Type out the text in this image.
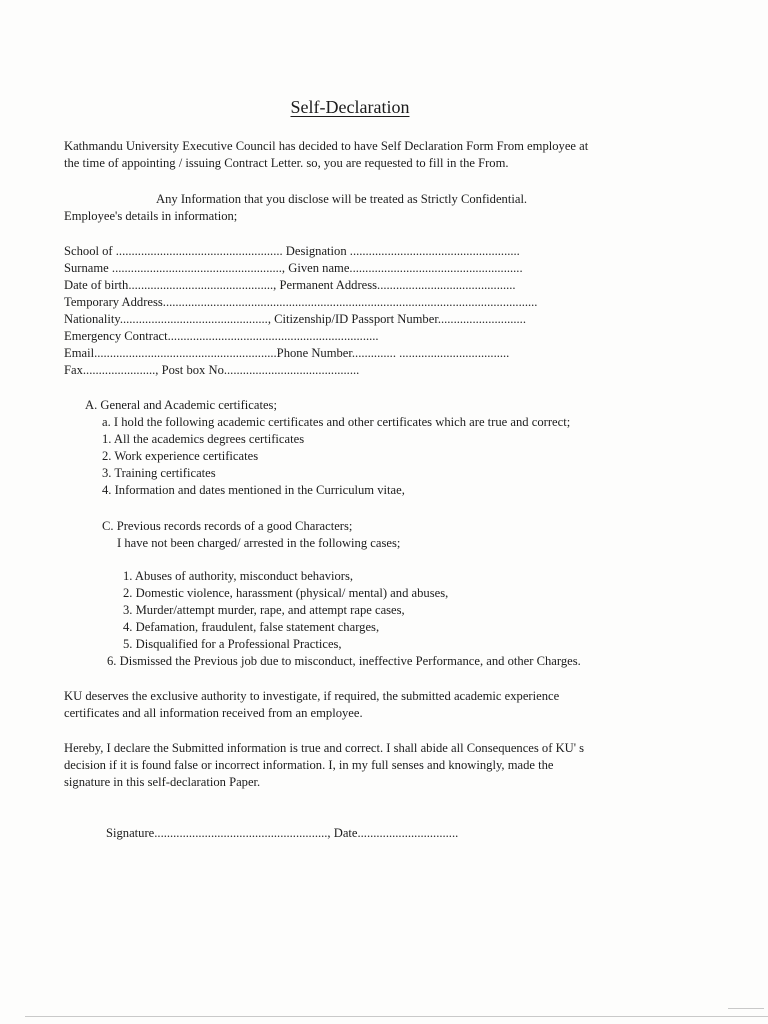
Self-Declaration
Kathmandu University Executive Council has decided to have Self Declaration Form From employee at
the time of appointing / issuing Contract Letter. so, you are requested to fill in the From.
Any Information that you disclose will be treated as Strictly Confidential.
Employee's details in information;
School of ..................................................... Designation ......................................................
Surname ......................................................, Given name.......................................................
Date of birth.............................................., Permanent Address............................................
Temporary Address.......................................................................................................................
Nationality..............................................., Citizenship/ID Passport Number............................
Emergency Contract...................................................................
Email..........................................................Phone Number.............. ...................................
Fax......................., Post box No...........................................
A. General and Academic certificates;
a. I hold the following academic certificates and other certificates which are true and correct;
1. All the academics degrees certificates
2. Work experience certificates
3. Training certificates
4. Information and dates mentioned in the Curriculum vitae,
C. Previous records records of a good Characters;
I have not been charged/ arrested in the following cases;
1. Abuses of authority, misconduct behaviors,
2. Domestic violence, harassment (physical/ mental) and abuses,
3. Murder/attempt murder, rape, and attempt rape cases,
4. Defamation, fraudulent, false statement charges,
5. Disqualified for a Professional Practices,
6. Dismissed the Previous job due to misconduct, ineffective Performance, and other Charges.
KU deserves the exclusive authority to investigate, if required, the submitted academic experience
certificates and all information received from an employee.
Hereby, I declare the Submitted information is true and correct. I shall abide all Consequences of KU' s
decision if it is found false or incorrect information. I, in my full senses and knowingly, made the
signature in this self-declaration Paper.
Signature......................................................., Date................................
